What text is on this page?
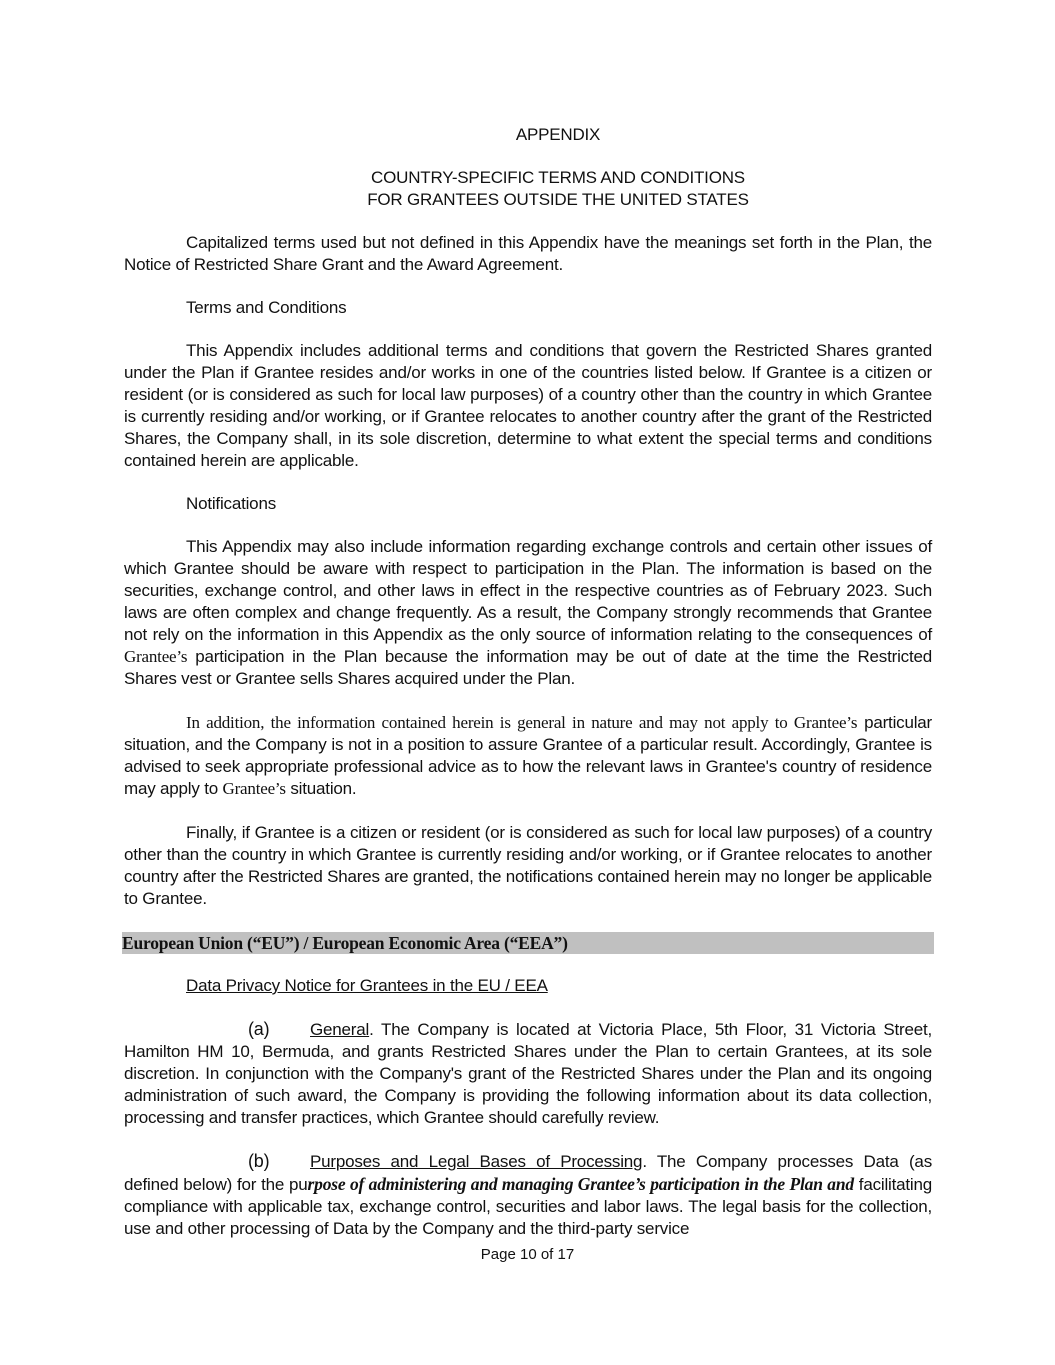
APPENDIX

COUNTRY-SPECIFIC TERMS AND CONDITIONS
FOR GRANTEES OUTSIDE THE UNITED STATES

Capitalized terms used but not defined in this Appendix have the meanings set forth in the Plan, the Notice of Restricted Share Grant and the Award Agreement.

Terms and Conditions

This Appendix includes additional terms and conditions that govern the Restricted Shares granted under the Plan if Grantee resides and/or works in one of the countries listed below. If Grantee is a citizen or resident (or is considered as such for local law purposes) of a country other than the country in which Grantee is currently residing and/or working, or if Grantee relocates to another country after the grant of the Restricted Shares, the Company shall, in its sole discretion, determine to what extent the special terms and conditions contained herein are applicable.

Notifications

This Appendix may also include information regarding exchange controls and certain other issues of which Grantee should be aware with respect to participation in the Plan. The information is based on the securities, exchange control, and other laws in effect in the respective countries as of February 2023. Such laws are often complex and change frequently. As a result, the Company strongly recommends that Grantee not rely on the information in this Appendix as the only source of information relating to the consequences of Grantee’s participation in the Plan because the information may be out of date at the time the Restricted Shares vest or Grantee sells Shares acquired under the Plan.

In addition, the information contained herein is general in nature and may not apply to Grantee’s particular situation, and the Company is not in a position to assure Grantee of a particular result. Accordingly, Grantee is advised to seek appropriate professional advice as to how the relevant laws in Grantee's country of residence may apply to Grantee’s situation.

Finally, if Grantee is a citizen or resident (or is considered as such for local law purposes) of a country other than the country in which Grantee is currently residing and/or working, or if Grantee relocates to another country after the Restricted Shares are granted, the notifications contained herein may no longer be applicable to Grantee.

European Union (“EU”) / European Economic Area (“EEA”)

Data Privacy Notice for Grantees in the EU / EEA

(a) General. The Company is located at Victoria Place, 5th Floor, 31 Victoria Street, Hamilton HM 10, Bermuda, and grants Restricted Shares under the Plan to certain Grantees, at its sole discretion. In conjunction with the Company's grant of the Restricted Shares under the Plan and its ongoing administration of such award, the Company is providing the following information about its data collection, processing and transfer practices, which Grantee should carefully review.

(b) Purposes and Legal Bases of Processing. The Company processes Data (as defined below) for the purpose of administering and managing Grantee’s participation in the Plan and facilitating compliance with applicable tax, exchange control, securities and labor laws. The legal basis for the collection, use and other processing of Data by the Company and the third-party service

Page 10 of 17
